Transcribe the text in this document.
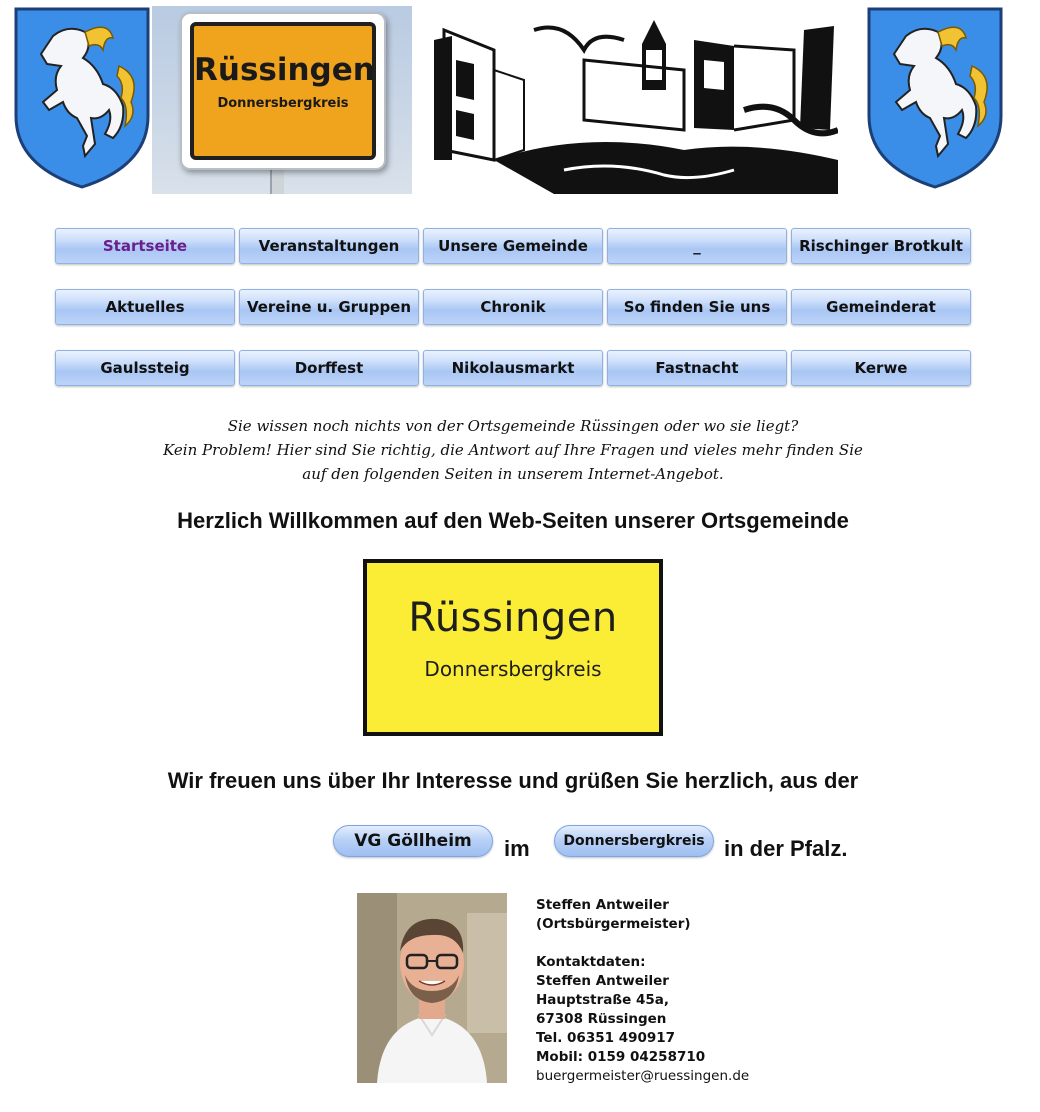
Rüssingen
Donnersbergkreis
Startseite	Veranstaltungen	Unsere Gemeinde	_	Rischinger Brotkult
Aktuelles	Vereine u. Gruppen	Chronik	So finden Sie uns	Gemeinderat
Gaulssteig	Dorffest	Nikolausmarkt	Fastnacht	Kerwe
Sie wissen noch nichts von der Ortsgemeinde Rüssingen oder wo sie liegt?
Kein Problem! Hier sind Sie richtig, die Antwort auf Ihre Fragen und vieles mehr finden Sie
auf den folgenden Seiten in unserem Internet-Angebot.
Herzlich Willkommen auf den Web-Seiten unserer Ortsgemeinde
Rüssingen
Donnersbergkreis
Wir freuen uns über Ihr Interesse und grüßen Sie herzlich, aus der
VG Göllheim	im	Donnersbergkreis in der Pfalz.
Steffen Antweiler
(Ortsbürgermeister)
Kontaktdaten:
Steffen Antweiler
Hauptstraße 45a,
67308 Rüssingen
Tel. 06351 490917
Mobil: 0159 04258710
buergermeister@ruessingen.de
